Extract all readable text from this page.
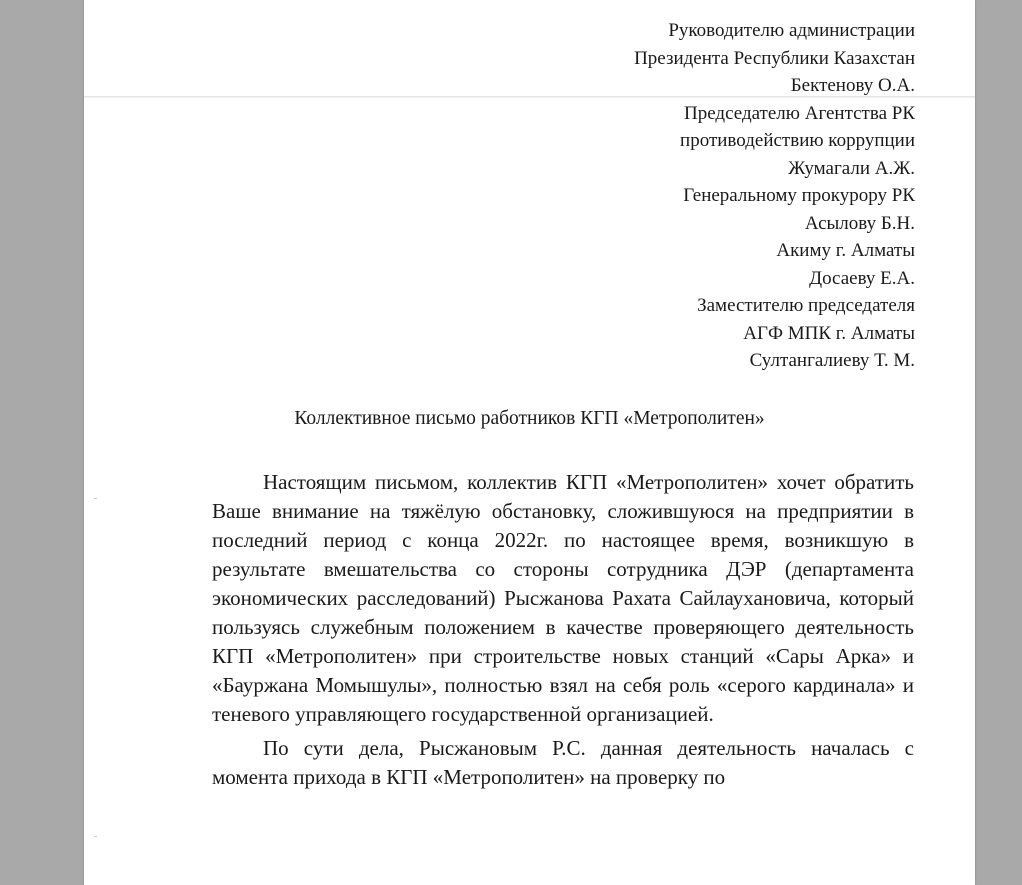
Руководителю администрации
Президента Республики Казахстан
Бектенову О.А.
Председателю Агентства РК
противодействию коррупции
Жумагали А.Ж.
Генеральному прокурору РК
Асылову Б.Н.
Акиму г. Алматы
Досаеву Е.А.
Заместителю председателя
АГФ МПК г. Алматы
Султангалиеву Т. М.
Коллективное письмо работников КГП «Метрополитен»

Настоящим письмом, коллектив КГП «Метрополитен» хочет обратить Ваше внимание на тяжёлую обстановку, сложившуюся на предприятии в последний период с конца 2022г. по настоящее время, возникшую в результате вмешательства со стороны сотрудника ДЭР (департамента экономических расследований) Рысжанова Рахата Сайлаухановича, который пользуясь служебным положением в качестве проверяющего деятельность КГП «Метрополитен» при строительстве новых станций «Сары Арка» и «Бауржана Момышулы», полностью взял на себя роль «серого кардинала» и теневого управляющего государственной организацией.

По сути дела, Рысжановым Р.С. данная деятельность началась с момента прихода в КГП «Метрополитен» на проверку по
